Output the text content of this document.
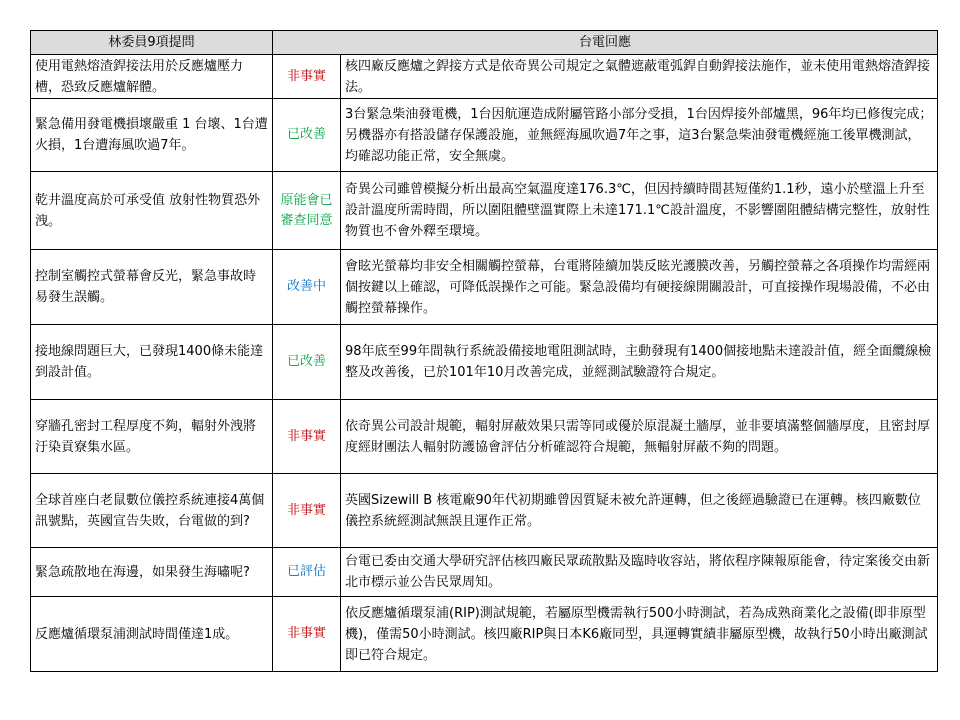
林委員9項提問	台電回應	
使用電熱熔渣銲接法用於反應爐壓力槽，恐致反應爐解體。	非事實	核四廠反應爐之銲接方式是依奇異公司規定之氣體遮蔽電弧銲自動銲接法施作，並未使用電熱熔渣銲接法。
緊急備用發電機損壞嚴重 1 台壞、1台遭火損，1台遭海風吹過7年。	已改善	3台緊急柴油發電機，1台因航運造成附屬管路小部分受損，1台因焊接外部爐黑，96年均已修復完成；另機器亦有搭設儲存保護設施，並無經海風吹過7年之事，這3台緊急柴油發電機經施工後單機測試，均確認功能正常，安全無虞。
乾井溫度高於可承受值 放射性物質恐外洩。	原能會已審查同意	奇異公司雖曾模擬分析出最高空氣溫度達176.3℃，但因持續時間甚短僅約1.1秒，遠小於壁溫上升至設計溫度所需時間，所以圍阻體壁溫實際上未達171.1℃設計溫度，不影響圍阻體結構完整性，放射性物質也不會外釋至環境。
控制室觸控式螢幕會反光，緊急事故時易發生誤觸。	改善中	會眩光螢幕均非安全相關觸控螢幕，台電將陸續加裝反眩光護膜改善，另觸控螢幕之各項操作均需經兩個按鍵以上確認，可降低誤操作之可能。緊急設備均有硬接線開關設計，可直接操作現場設備，不必由觸控螢幕操作。
接地線問題巨大，已發現1400條未能達到設計值。	已改善	98年底至99年間執行系統設備接地電阻測試時，主動發現有1400個接地點未達設計值，經全面纜線檢整及改善後，已於101年10月改善完成，並經測試驗證符合規定。
穿牆孔密封工程厚度不夠，輻射外洩將汙染貢寮集水區。	非事實	依奇異公司設計規範，輻射屏蔽效果只需等同或優於原混凝土牆厚，並非要填滿整個牆厚度，且密封厚度經財團法人輻射防護協會評估分析確認符合規範，無輻射屏蔽不夠的問題。
全球首座白老鼠數位儀控系統連接4萬個訊號點，英國宣告失敗，台電做的到?	非事實	英國Sizewill B 核電廠90年代初期雖曾因質疑未被允許運轉，但之後經過驗證已在運轉。核四廠數位儀控系統經測試無誤且運作正常。
緊急疏散地在海邊，如果發生海嘯呢?	已評估	台電已委由交通大學研究評估核四廠民眾疏散點及臨時收容站，將依程序陳報原能會，待定案後交由新北市標示並公告民眾周知。
反應爐循環泵浦測試時間僅達1成。	非事實	依反應爐循環泵浦(RIP)測試規範，若屬原型機需執行500小時測試，若為成熟商業化之設備(即非原型機)，僅需50小時測試。核四廠RIP與日本K6廠同型，具運轉實績非屬原型機，故執行50小時出廠測試即已符合規定。
